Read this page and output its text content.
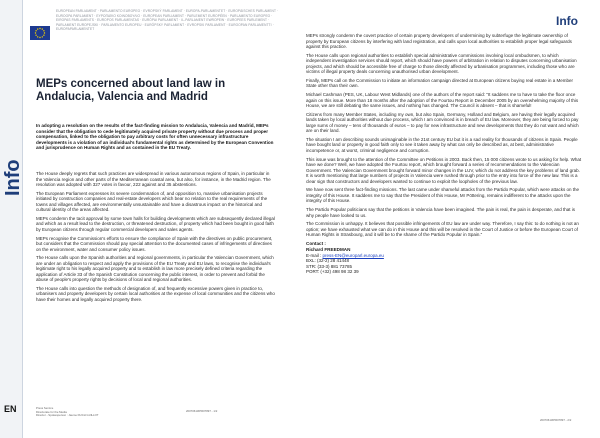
Info
EN
EUROPEAN PARLIAMENT · PARLAMENTO EUROPEO · EVROPSKÝ PARLAMENT · EUROPA-PARLAMENTET · EUROPÄISCHES PARLAMENT · EUROOPA PARLAMENT · ΕΥΡΩΠΑΪΚΟ ΚΟΙΝΟΒΟΥΛΙΟ · EUROPEAN PARLIAMENT · PARLEMENT EUROPÉEN · PARLAMENTO EUROPEO · EIROPAS PARLAMENTS · EUROPOS PARLAMENTAS · EURÓPAI PARLAMENT · IL-PARLAMENT EWROPEW · EUROPEES PARLEMENT · PARLAMENT EUROPEJSKI · PARLAMENTO EUROPEU · EURÓPSKY PARLAMENT · EVROPSKI PARLAMENT · EUROOPAN PARLAMENTTI · EUROPAPARLAMENTET
MEPs concerned about land law in Andalucia, Valencia and Madrid

In adopting a resolution on the results of the fact-finding mission to Andalucia, Valencia and Madrid, MEPs consider that the obligation to cede legitimately acquired private property without due process and proper compensation, linked to the obligation to pay arbitrary costs for often unnecessary infrastructure developments is a violation of an individual's fundamental rights as determined by the European Convention and jurisprudence on Human Rights and as contained in the EU Treaty.

The House deeply regrets that such practices are widespread in various autonomous regions of Spain, in particular in the Valencia region and other parts of the Mediterranean coastal area, but also, for instance, in the Madrid region. The resolution was adopted with 327 votes in favour, 222 against and 35 abstentions.

The European Parliament expresses its severe condemnation of, and opposition to, massive urbanisation projects initiated by construction companies and real-estate developers which bear no relation to the real requirements of the towns and villages affected, are environmentally unsustainable and have a disastrous impact on the historical and cultural identity of the areas affected.

MEPs condemn the tacit approval by some town halls for building developments which are subsequently declared illegal and which as a result lead to the destruction, or threatened destruction, of property which had been bought in good faith by European citizens through regular commercial developers and sales agents.

MEPs recognise the Commission's efforts to ensure the compliance of Spain with the directives on public procurement, but considers that the Commission should pay special attention to the documented cases of infringements of directives on the environment, water and consumer policy issues.

The House calls upon the Spanish authorities and regional governments, in particular the Valencian Government, which are under an obligation to respect and apply the provisions of the EU Treaty and EU laws, to recognise the individual's legitimate right to his legally acquired property and to establish in law more precisely defined criteria regarding the application of Article 33 of the Spanish Constitution concerning the public interest, in order to prevent and forbid the abuse of people's property rights by decisions of local and regional authorities.

The House calls into question the methods of designation of, and frequently excessive powers given in practice to, urbanisers and property developers by certain local authorities at the expense of local communities and the citizens who have their homes and legally acquired property there.

Press Service
Directorate for the Media
Director - Spokesperson : Jaume DUCH GUILLOT
20070613IPR07897 - 1/2
Info

MEPs strongly condemn the covert practice of certain property developers of undermining by subterfuge the legitimate ownership of property by European citizens by interfering with land registration, and calls upon local authorities to establish proper legal safeguards against this practice.

The House calls upon regional authorities to establish special administrative commissions involving local ombudsmen, to which independent investigation services should report, which should have powers of arbitration in relation to disputes concerning urbanisation projects, and which should be accessible free of charge to those directly affected by urbanisation programmes, including those who are victims of illegal property deals concerning unauthorised urban development.

Finally, MEPs call on the Commission to initiate an information campaign directed at European citizens buying real estate in a Member State other than their own.

Michael Cashman (PES, UK, Labour West Midlands) one of the authors of the report said: "It saddens me to have to take the floor once again on this issue. More than 18 months after the adoption of the Fourtou Report in December 2005 by an overwhelming majority of this House, we are still debating the same issues, and nothing has changed. The Council is absent – that is shameful!

Citizens from many Member States, including my own, but also Spain, Germany, Holland and Belgium, are having their legally acquired lands taken by local authorities without due process, which I am convinced is in breach of EU law. Moreover, they are being forced to pay large sums of money – tens of thousands of euros – to pay for new infrastructure and new developments that they do not want and which are on their land.

The situation I am describing sounds unimaginable in the 21st century EU but it is a sad reality for thousands of citizens in Spain. People have bought land or property in good faith only to see it taken away by what can only be described as, at best, administrative incompetence or, at worst, criminal negligence and corruption.

This issue was brought to the attention of the Committee on Petitions in 2003. Back then, 15 000 citizens wrote to us asking for help. What have we done? Well, we have adopted the Fourtou report, which brought forward a series of recommendations to the Valencian Government. The Valencian Government brought forward minor changes in the LUV, which do not address the key problems of land grab. It is worth mentioning that large numbers of projects in Valencia were rushed through prior to the entry into force of the new law. This is a clear sign that constructors and developers wanted to continue to exploit the loopholes of the previous law.

We have now sent three fact-finding missions. The last came under shameful attacks from the Partido Popular, which were attacks on the integrity of this House. It saddens me to say that the President of this House, Mr Pöttering, remains indifferent to the attacks upon the integrity of this House.

The Partido Popular politicians say that the petitions in Valencia have been imagined. The pain is real, the pain is desperate, and that is why people have looked to us.

The Commission is unhappy. It believes that possible infringements of EU law are under way. Therefore, I say this: to do nothing is not an option; we have exhausted what we can do in this House and this will be resolved in the Court of Justice or before the European Court of Human Rights in Strasbourg, and it will be to the shame of the Partido Popular in Spain."

Contact :

Richard FREEDMAN

E-mail : press-EN@europarl.europa.eu

BXL: (32-2) 28 41448

STR: (33-3) 881 73785

PORT: (+32) 498 98 32 39

20070613IPR07897 - 2/2
